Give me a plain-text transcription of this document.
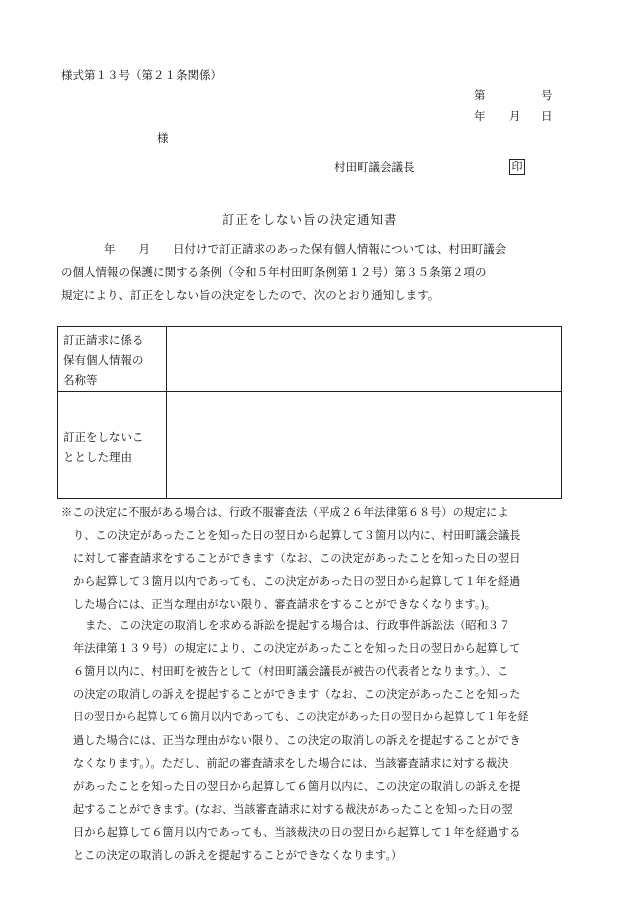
様式第１３号（第２１条関係）
第	号
年 月 日
様
村田町議会議長	印
訂正をしない旨の決定通知書
年　　月　　日付けで訂正請求のあった保有個人情報については、村田町議会
の個人情報の保護に関する条例（令和５年村田町条例第１２号）第３５条第２項の
規定により、訂正をしない旨の決定をしたので、次のとおり通知します。
訂正請求に係る
保有個人情報の
名称等
訂正をしないこ
ととした理由
※この決定に不服がある場合は、行政不服審査法（平成２６年法律第６８号）の規定によ
り、この決定があったことを知った日の翌日から起算して３箇月以内に、村田町議会議長
に対して審査請求をすることができます（なお、この決定があったことを知った日の翌日
から起算して３箇月以内であっても、この決定があった日の翌日から起算して１年を経過
した場合には、正当な理由がない限り、審査請求をすることができなくなります。)。
また、この決定の取消しを求める訴訟を提起する場合は、行政事件訴訟法（昭和３７
年法律第１３９号）の規定により、この決定があったことを知った日の翌日から起算して
６箇月以内に、村田町を被告として（村田町議会議長が被告の代表者となります。）、こ
の決定の取消しの訴えを提起することができます（なお、この決定があったことを知った
日の翌日から起算して６箇月以内であっても、この決定があった日の翌日から起算して１年を経
過した場合には、正当な理由がない限り、この決定の取消しの訴えを提起することができ
なくなります。）。ただし、前記の審査請求をした場合には、当該審査請求に対する裁決
があったことを知った日の翌日から起算して６箇月以内に、この決定の取消しの訴えを提
起することができます。(なお、当該審査請求に対する裁決があったことを知った日の翌
日から起算して６箇月以内であっても、当該裁決の日の翌日から起算して１年を経過する
とこの決定の取消しの訴えを提起することができなくなります。）
